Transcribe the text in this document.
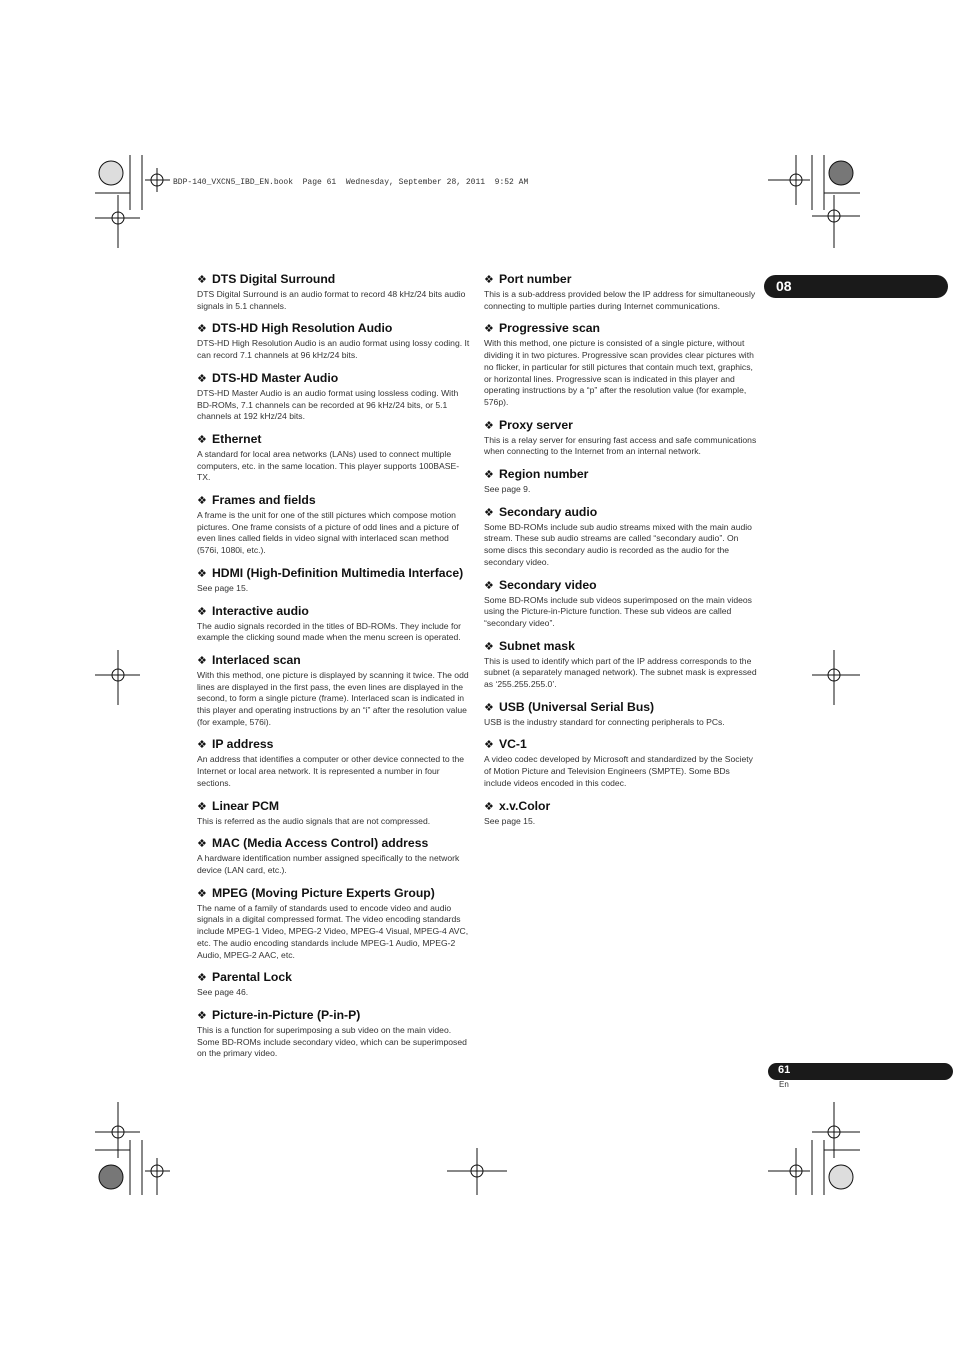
BDP-140_VXCN5_IBD_EN.book  Page 61  Wednesday, September 28, 2011  9:52 AM
08
❖ DTS Digital Surround

DTS Digital Surround is an audio format to record 48 kHz/24 bits audio signals in 5.1 channels.

❖ DTS-HD High Resolution Audio

DTS-HD High Resolution Audio is an audio format using lossy coding. It can record 7.1 channels at 96 kHz/24 bits.

❖ DTS-HD Master Audio

DTS-HD Master Audio is an audio format using lossless coding. With BD-ROMs, 7.1 channels can be recorded at 96 kHz/24 bits, or 5.1 channels at 192 kHz/24 bits.

❖ Ethernet

A standard for local area networks (LANs) used to connect multiple computers, etc. in the same location. This player supports 100BASE-TX.

❖ Frames and fields

A frame is the unit for one of the still pictures which compose motion pictures. One frame consists of a picture of odd lines and a picture of even lines called fields in video signal with interlaced scan method (576i, 1080i, etc.).

❖ HDMI (High-Definition Multimedia Interface)

See page 15.

❖ Interactive audio

The audio signals recorded in the titles of BD-ROMs. They include for example the clicking sound made when the menu screen is operated.

❖ Interlaced scan

With this method, one picture is displayed by scanning it twice. The odd lines are displayed in the first pass, the even lines are displayed in the second, to form a single picture (frame). Interlaced scan is indicated in this player and operating instructions by an “i” after the resolution value (for example, 576i).

❖ IP address

An address that identifies a computer or other device connected to the Internet or local area network. It is represented a number in four sections.

❖ Linear PCM

This is referred as the audio signals that are not compressed.

❖ MAC (Media Access Control) address

A hardware identification number assigned specifically to the network device (LAN card, etc.).

❖ MPEG (Moving Picture Experts Group)

The name of a family of standards used to encode video and audio signals in a digital compressed format. The video encoding standards include MPEG-1 Video, MPEG-2 Video, MPEG-4 Visual, MPEG-4 AVC, etc. The audio encoding standards include MPEG-1 Audio, MPEG-2 Audio, MPEG-2 AAC, etc.

❖ Parental Lock

See page 46.

❖ Picture-in-Picture (P-in-P)

This is a function for superimposing a sub video on the main video. Some BD-ROMs include secondary video, which can be superimposed on the primary video.

❖ Port number

This is a sub-address provided below the IP address for simultaneously connecting to multiple parties during Internet communications.

❖ Progressive scan

With this method, one picture is consisted of a single picture, without dividing it in two pictures. Progressive scan provides clear pictures with no flicker, in particular for still pictures that contain much text, graphics, or horizontal lines. Progressive scan is indicated in this player and operating instructions by a “p” after the resolution value (for example, 576p).

❖ Proxy server

This is a relay server for ensuring fast access and safe communications when connecting to the Internet from an internal network.

❖ Region number

See page 9.

❖ Secondary audio

Some BD-ROMs include sub audio streams mixed with the main audio stream. These sub audio streams are called “secondary audio”. On some discs this secondary audio is recorded as the audio for the secondary video.

❖ Secondary video

Some BD-ROMs include sub videos superimposed on the main videos using the Picture-in-Picture function. These sub videos are called “secondary video”.

❖ Subnet mask

This is used to identify which part of the IP address corresponds to the subnet (a separately managed network). The subnet mask is expressed as ‘255.255.255.0’.

❖ USB (Universal Serial Bus)

USB is the industry standard for connecting peripherals to PCs.

❖ VC-1

A video codec developed by Microsoft and standardized by the Society of Motion Picture and Television Engineers (SMPTE). Some BDs include videos encoded in this codec.

❖ x.v.Color

See page 15.

61
En
